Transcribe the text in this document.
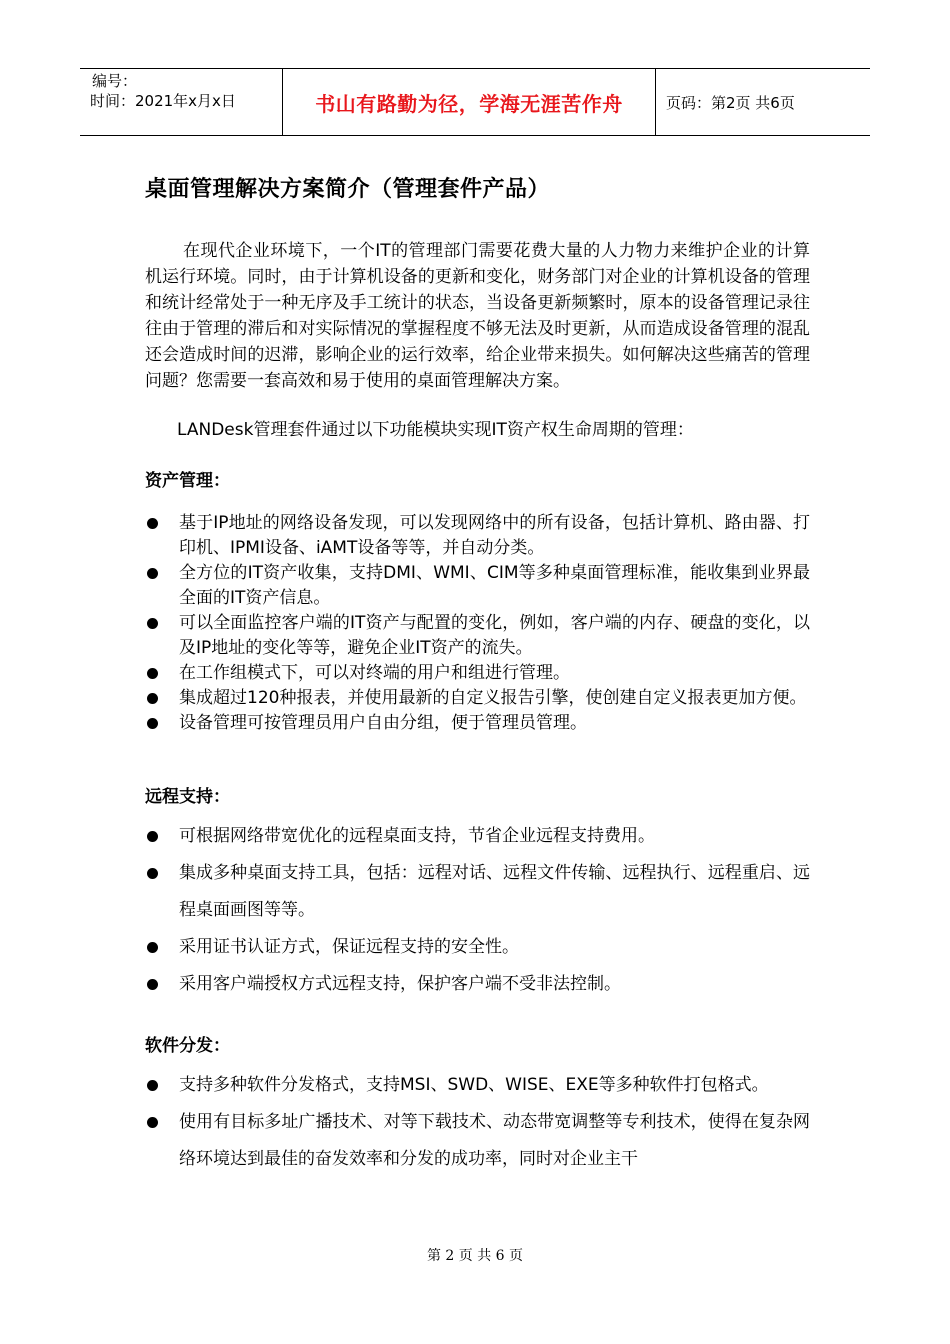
编号：
时间：2021年x月x日	书山有路勤为径，学海无涯苦作舟	页码：第2页 共6页
桌面管理解决方案简介（管理套件产品）
在现代企业环境下，一个IT的管理部门需要花费大量的人力物力来维护企业的计算机运行环境。同时，由于计算机设备的更新和变化，财务部门对企业的计算机设备的管理和统计经常处于一种无序及手工统计的状态，当设备更新频繁时，原本的设备管理记录往往由于管理的滞后和对实际情况的掌握程度不够无法及时更新，从而造成设备管理的混乱还会造成时间的迟滞，影响企业的运行效率，给企业带来损失。如何解决这些痛苦的管理问题？您需要一套高效和易于使用的桌面管理解决方案。
LANDesk管理套件通过以下功能模块实现IT资产权生命周期的管理：
资产管理：
基于IP地址的网络设备发现，可以发现网络中的所有设备，包括计算机、路由器、打印机、IPMI设备、iAMT设备等等，并自动分类。
全方位的IT资产收集，支持DMI、WMI、CIM等多种桌面管理标准，能收集到业界最全面的IT资产信息。
可以全面监控客户端的IT资产与配置的变化，例如，客户端的内存、硬盘的变化，以及IP地址的变化等等，避免企业IT资产的流失。
在工作组模式下，可以对终端的用户和组进行管理。
集成超过120种报表，并使用最新的自定义报告引擎，使创建自定义报表更加方便。
设备管理可按管理员用户自由分组，便于管理员管理。
远程支持：
可根据网络带宽优化的远程桌面支持，节省企业远程支持费用。
集成多种桌面支持工具，包括：远程对话、远程文件传输、远程执行、远程重启、远程桌面画图等等。
采用证书认证方式，保证远程支持的安全性。
采用客户端授权方式远程支持，保护客户端不受非法控制。
软件分发：
支持多种软件分发格式，支持MSI、SWD、WISE、EXE等多种软件打包格式。
使用有目标多址广播技术、对等下载技术、动态带宽调整等专利技术，使得在复杂网络环境达到最佳的奋发效率和分发的成功率，同时对企业主干
第 2 页 共 6 页
